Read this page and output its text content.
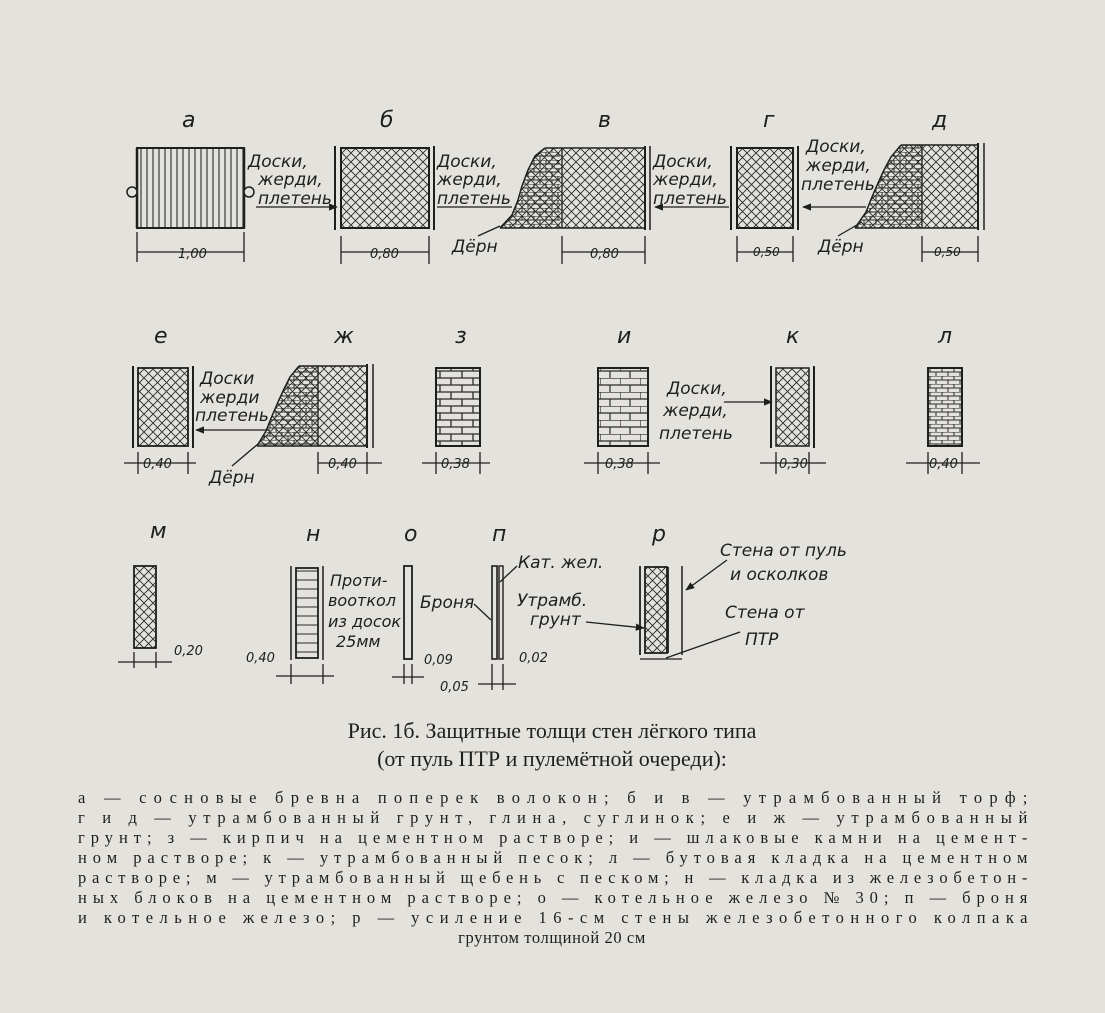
а
1,00
Доски,
жерди,
плетень
б
0,80
Доски,
жерди,
плетень
в
0,80
Дёрн
Доски,
жерди,
плетень
г
0,50
Доски,
жерди,
плетень
д
0,50
Дёрн
е
0,40
Доски
жерди
плетень
ж
0,40
Дёрн
з
0,38
и
0,38
Доски,
жерди,
плетень
к
0,30
л
0,40
м
0,20
н
0,40
Проти-
вооткол
из досок
25мм
о
0,09
п
0,05
0,02
Броня
Кат. жел.
Утрамб.
грунт
р
Стена от пуль
и осколков
Стена от
ПТР
Рис. 1б. Защитные толщи стен лёгкого типа
(от пуль ПТР и пулемётной очереди):
а — сосновые бревна поперек волокон; б и в — утрамбованный торф;
г и д — утрамбованный грунт, глина, суглинок; е и ж — утрамбованный
грунт; з — кирпич на цементном растворе; и — шлаковые камни на цемент-
ном растворе; к — утрамбованный песок; л — бутовая кладка на цементном
растворе; м — утрамбованный щебень с песком; н — кладка из железобетон-
ных блоков на цементном растворе; о — котельное железо № 30; п — броня
и котельное железо; р — усиление 16-см стены железобетонного колпака
грунтом толщиной 20 см
